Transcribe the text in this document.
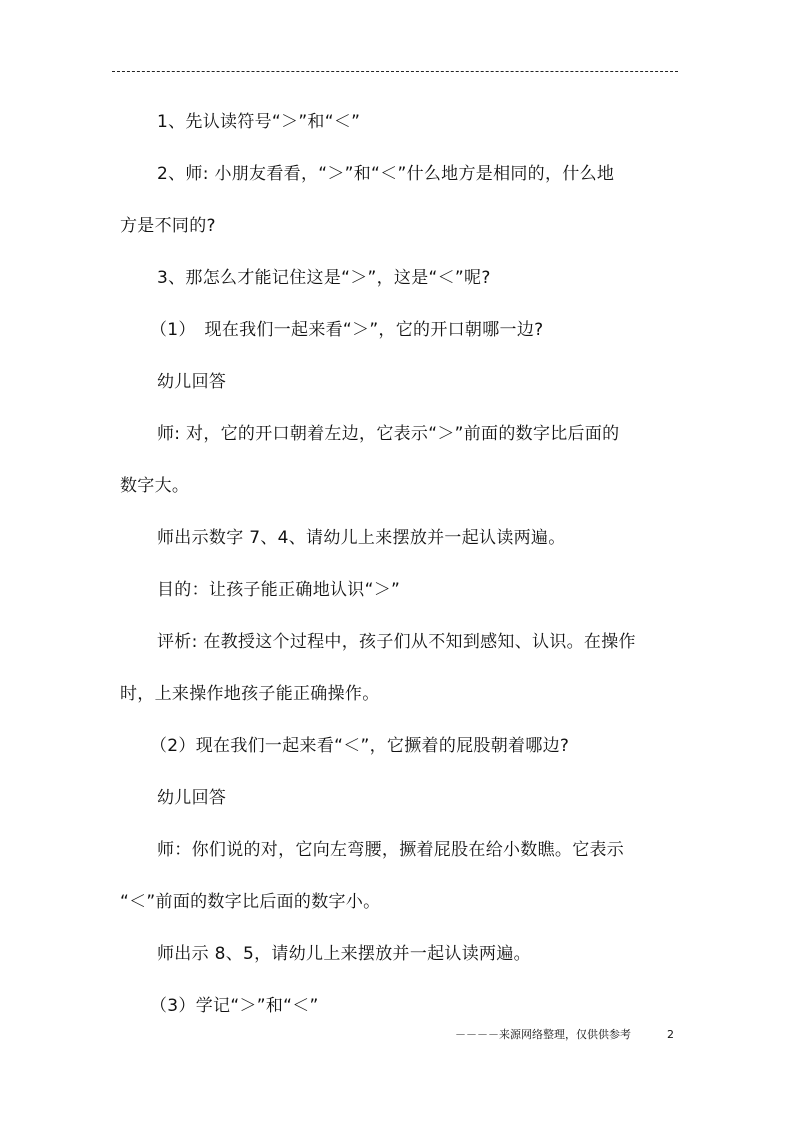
1、先认读符号“＞”和“＜”
2、师: 小朋友看看，“＞”和“＜”什么地方是相同的，什么地
方是不同的?
3、那怎么才能记住这是“＞”，这是“＜”呢?
（1）　现在我们一起来看“＞”，它的开口朝哪一边?
幼儿回答
师: 对，它的开口朝着左边，它表示“＞”前面的数字比后面的
数字大。
师出示数字 7、4、请幼儿上来摆放并一起认读两遍。
目的：让孩子能正确地认识“＞”
评析: 在教授这个过程中，孩子们从不知到感知、认识。在操作
时，上来操作地孩子能正确操作。
（2）现在我们一起来看“＜”，它撅着的屁股朝着哪边?
幼儿回答
师：你们说的对，它向左弯腰，撅着屁股在给小数瞧。它表示
“＜”前面的数字比后面的数字小。
师出示 8、5，请幼儿上来摆放并一起认读两遍。
（3）学记“＞”和“＜”
－－－－来源网络整理，仅供供参考	2
